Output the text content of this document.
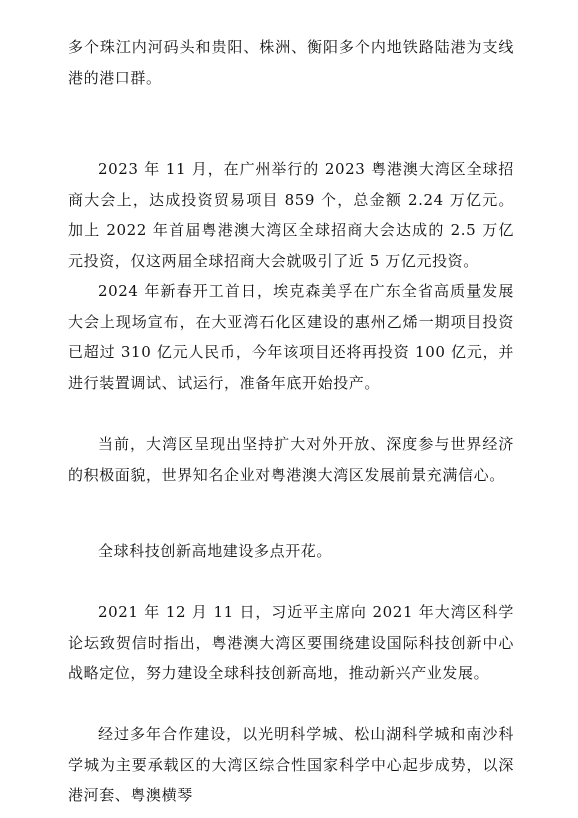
多个珠江内河码头和贵阳、株洲、衡阳多个内地铁路陆港为支线港的港口群。

2023 年 11 月，在广州举行的 2023 粤港澳大湾区全球招商大会上，达成投资贸易项目 859 个，总金额 2.24 万亿元。加上 2022 年首届粤港澳大湾区全球招商大会达成的 2.5 万亿元投资，仅这两届全球招商大会就吸引了近 5 万亿元投资。

2024 年新春开工首日，埃克森美孚在广东全省高质量发展大会上现场宣布，在大亚湾石化区建设的惠州乙烯一期项目投资已超过 310 亿元人民币，今年该项目还将再投资 100 亿元，并进行装置调试、试运行，准备年底开始投产。

当前，大湾区呈现出坚持扩大对外开放、深度参与世界经济的积极面貌，世界知名企业对粤港澳大湾区发展前景充满信心。

全球科技创新高地建设多点开花。

2021 年 12 月 11 日，习近平主席向 2021 年大湾区科学论坛致贺信时指出，粤港澳大湾区要围绕建设国际科技创新中心战略定位，努力建设全球科技创新高地，推动新兴产业发展。

经过多年合作建设，以光明科学城、松山湖科学城和南沙科学城为主要承载区的大湾区综合性国家科学中心起步成势，以深港河套、粤澳横琴
